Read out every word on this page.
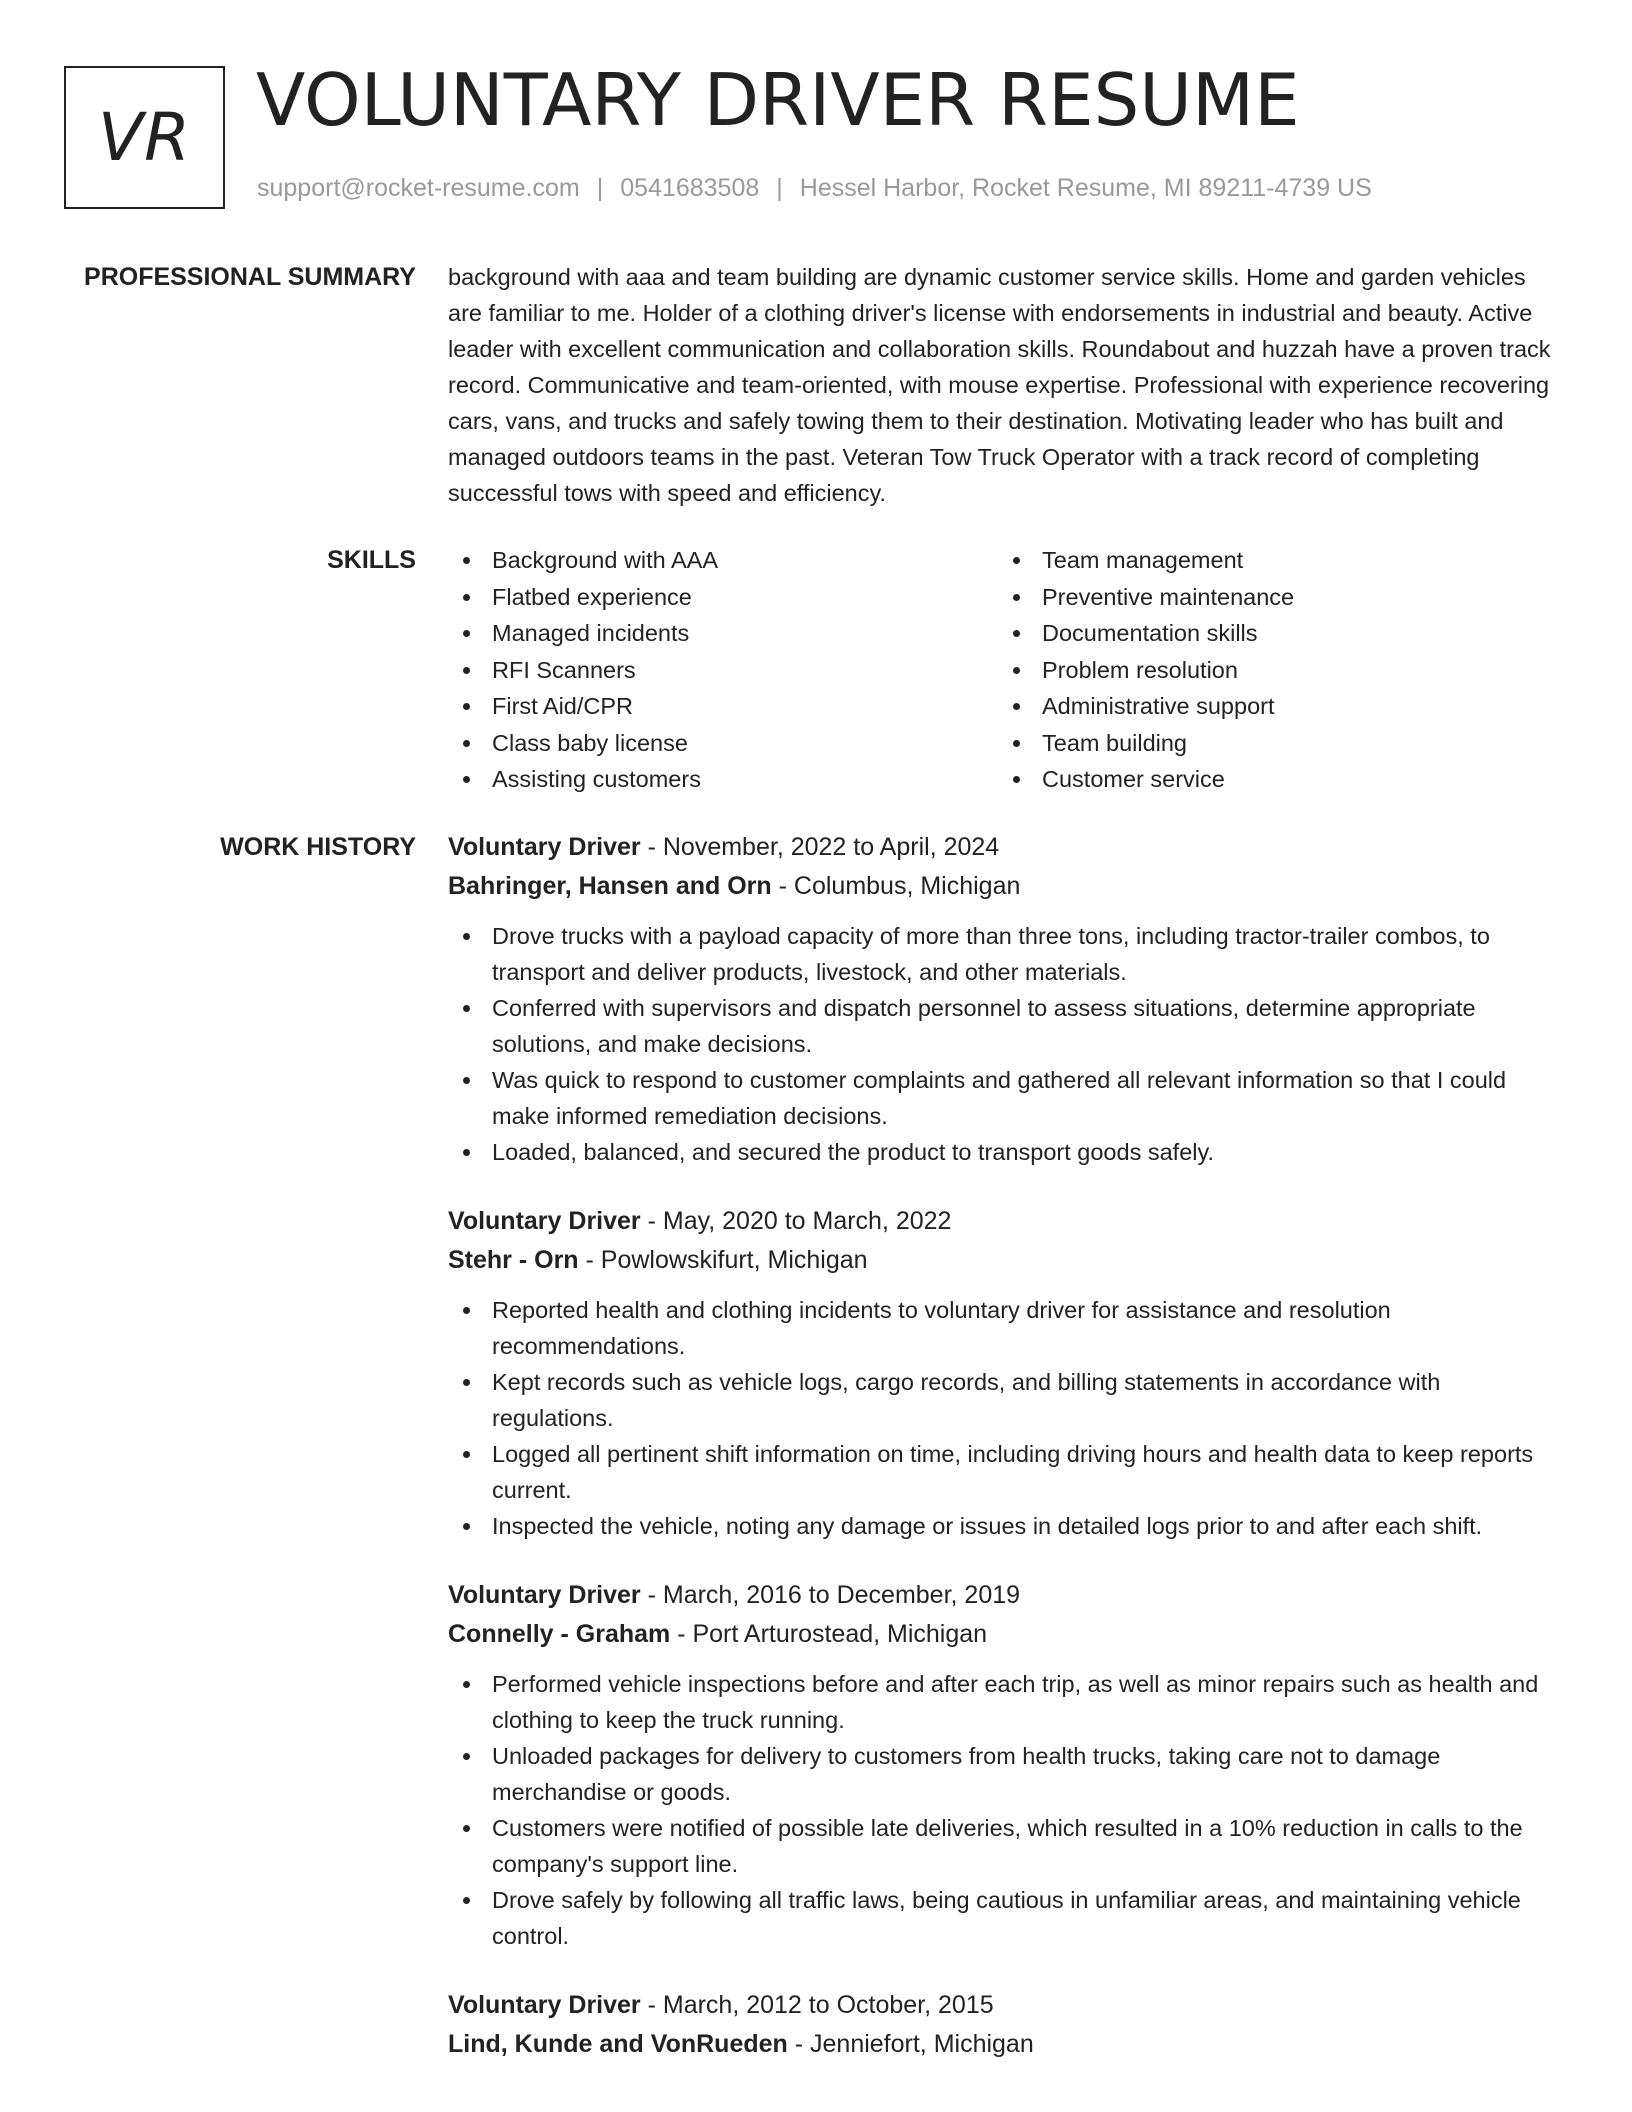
VR VOLUNTARY DRIVER RESUME
support@rocket-resume.com | 0541683508 | Hessel Harbor, Rocket Resume, MI 89211-4739 US
PROFESSIONAL SUMMARY background with aaa and team building are dynamic customer service skills. Home and garden vehicles are familiar to me. Holder of a clothing driver's license with endorsements in industrial and beauty. Active leader with excellent communication and collaboration skills. Roundabout and huzzah have a proven track record. Communicative and team-oriented, with mouse expertise. Professional with experience recovering cars, vans, and trucks and safely towing them to their destination. Motivating leader who has built and managed outdoors teams in the past. Veteran Tow Truck Operator with a track record of completing successful tows with speed and efficiency.

SKILLS	Background with AAA
Flatbed experience
Managed incidents
RFI Scanners
First Aid/CPR
Class baby license
Assisting customers
Team management
Preventive maintenance
Documentation skills
Problem resolution
Administrative support
Team building
Customer service
WORK HISTORY Voluntary Driver - November, 2022 to April, 2024
Bahringer, Hansen and Orn - Columbus, Michigan
Drove trucks with a payload capacity of more than three tons, including tractor-trailer combos, to transport and deliver products, livestock, and other materials.
Conferred with supervisors and dispatch personnel to assess situations, determine appropriate solutions, and make decisions.
Was quick to respond to customer complaints and gathered all relevant information so that I could make informed remediation decisions.
Loaded, balanced, and secured the product to transport goods safely.
Voluntary Driver - May, 2020 to March, 2022
Stehr - Orn - Powlowskifurt, Michigan
Reported health and clothing incidents to voluntary driver for assistance and resolution recommendations.
Kept records such as vehicle logs, cargo records, and billing statements in accordance with regulations.
Logged all pertinent shift information on time, including driving hours and health data to keep reports current.
Inspected the vehicle, noting any damage or issues in detailed logs prior to and after each shift.
Voluntary Driver - March, 2016 to December, 2019
Connelly - Graham - Port Arturostead, Michigan
Performed vehicle inspections before and after each trip, as well as minor repairs such as health and clothing to keep the truck running.
Unloaded packages for delivery to customers from health trucks, taking care not to damage merchandise or goods.
Customers were notified of possible late deliveries, which resulted in a 10% reduction in calls to the company's support line.
Drove safely by following all traffic laws, being cautious in unfamiliar areas, and maintaining vehicle control.
Voluntary Driver - March, 2012 to October, 2015
Lind, Kunde and VonRueden - Jenniefort, Michigan
